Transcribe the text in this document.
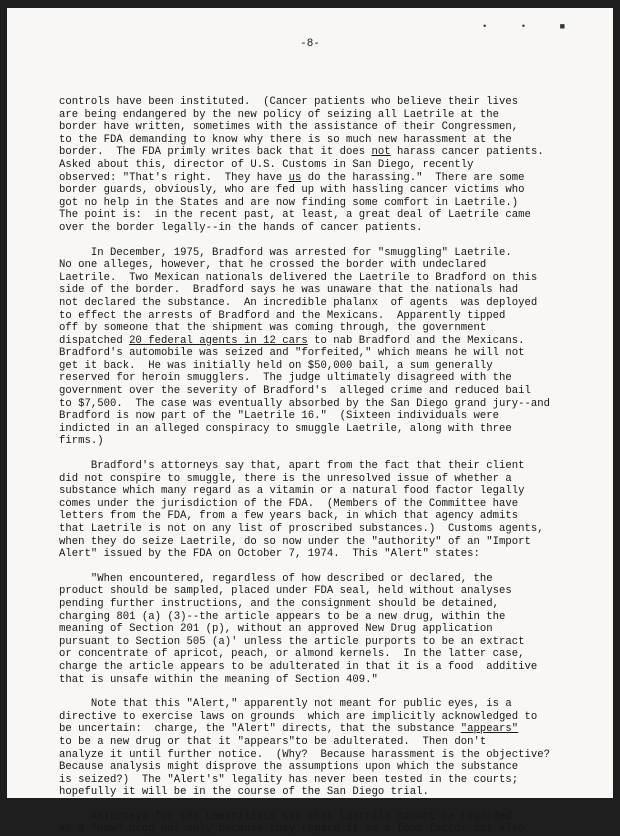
• • ■
-8-
controls have been instituted.  (Cancer patients who believe their lives
are being endangered by the new policy of seizing all Laetrile at the
border have written, sometimes with the assistance of their Congressmen,
to the FDA demanding to know why there is so much new harassment at the
border.  The FDA primly writes back that it does not harass cancer patients.
Asked about this, director of U.S. Customs in San Diego, recently
observed: "That's right.  They have us do the harassing."  There are some
border guards, obviously, who are fed up with hassling cancer victims who
got no help in the States and are now finding some comfort in Laetrile.)
The point is:  in the recent past, at least, a great deal of Laetrile came
over the border legally--in the hands of cancer patients.
In December, 1975, Bradford was arrested for "smuggling" Laetrile.
No one alleges, however, that he crossed the border with undeclared
Laetrile.  Two Mexican nationals delivered the Laetrile to Bradford on this
side of the border.  Bradford says he was unaware that the nationals had
not declared the substance.  An incredible phalanx  of agents  was deployed
to effect the arrests of Bradford and the Mexicans.  Apparently tipped
off by someone that the shipment was coming through, the government
dispatched 20 federal agents in 12 cars to nab Bradford and the Mexicans.
Bradford's automobile was seized and "forfeited," which means he will not
get it back.  He was initially held on $50,000 bail, a sum generally
reserved for heroin smugglers.  The judge ultimately disagreed with the
government over the severity of Bradford's  alleged crime and reduced bail
to $7,500.  The case was eventually absorbed by the San Diego grand jury--and
Bradford is now part of the "Laetrile 16."  (Sixteen individuals were
indicted in an alleged conspiracy to smuggle Laetrile, along with three
firms.)
Bradford's attorneys say that, apart from the fact that their client
did not conspire to smuggle, there is the unresolved issue of whether a
substance which many regard as a vitamin or a natural food factor legally
comes under the jurisdiction of the FDA.  (Members of the Committee have
letters from the FDA, from a few years back, in which that agency admits
that Laetrile is not on any list of proscribed substances.)  Customs agents,
when they do seize Laetrile, do so now under the "authority" of an "Import
Alert" issued by the FDA on October 7, 1974.  This "Alert" states:
"When encountered, regardless of how described or declared, the
product should be sampled, placed under FDA seal, held without analyses
pending further instructions, and the consignment should be detained,
charging 801 (a) (3)--the article appears to be a new drug, within the
meaning of Section 201 (p), without an approved New Drug application
pursuant to Section 505 (a)' unless the article purports to be an extract
or concentrate of apricot, peach, or almond kernels.  In the latter case,
charge the article appears to be adulterated in that it is a food  additive
that is unsafe within the meaning of Section 409."
Note that this "Alert," apparently not meant for public eyes, is a
directive to exercise laws on grounds  which are implicitly acknowledged to
be uncertain:  charge, the "Alert" directs, that the substance "appears"
to be a new drug or that it "appears"to be adulterated.  Then don't
analyze it until further notice.  (Why?  Because harassment is the objective?
Because analysis might disprove the assumptions upon which the substance
is seized?)  The "Alert's" legality has never been tested in the courts;
hopefully it will be in the course of the San Diego trial.
Attorneys for the Laetrilists say that Laetrile cannot be regarded
as a "new" drug not only because they regard it as a food factor but also
